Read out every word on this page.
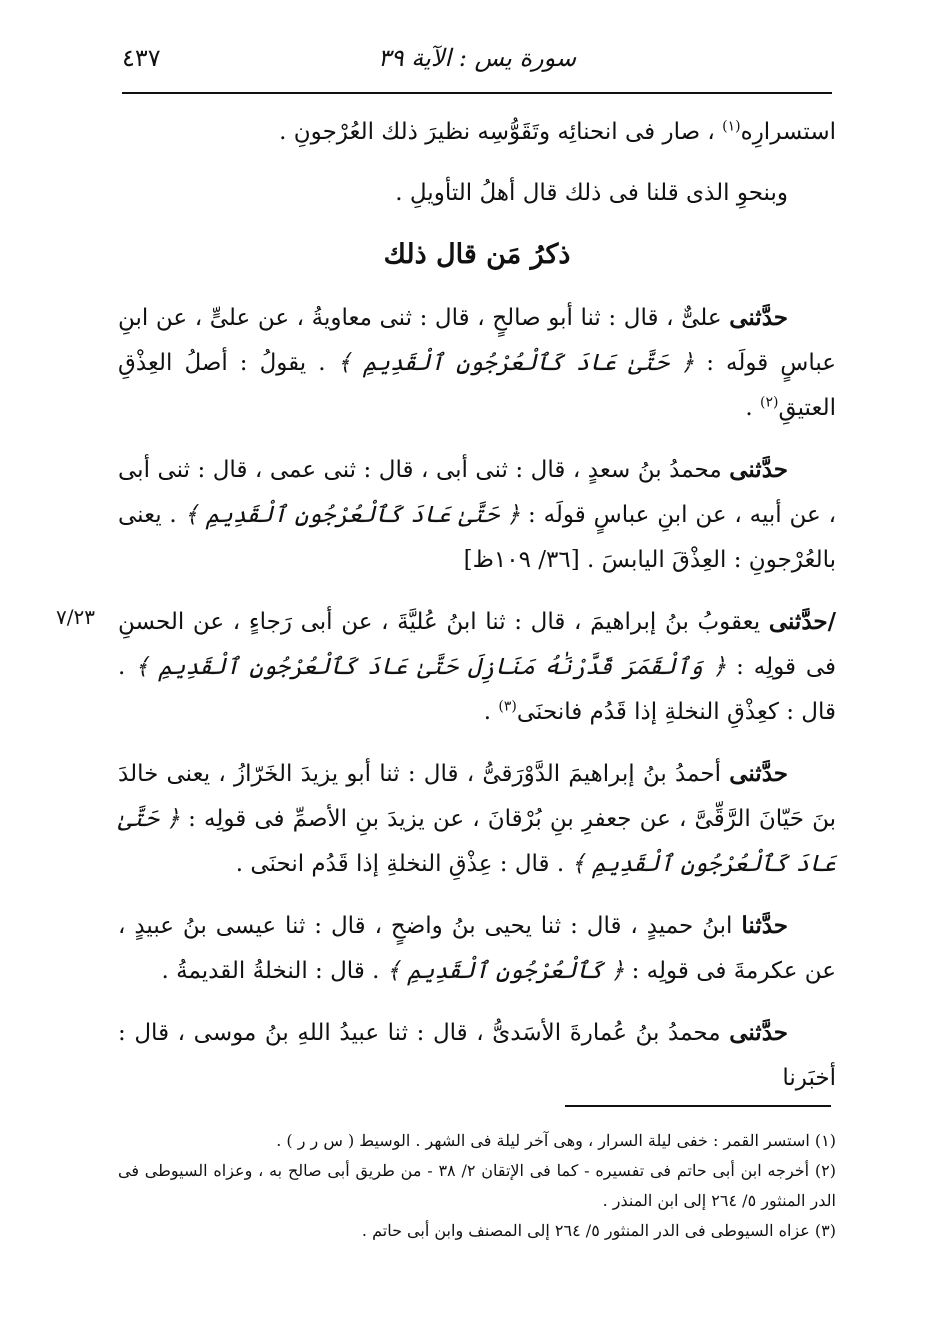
سورة يس : الآية ٣٩
٤٣٧
٧/٢٣

استسرارِه$^{(١)}$ ، صار فى انحنائِه وتَقَوُّسِه نظيرَ ذلك العُرْجونِ .

وبنحوِ الذى قلنا فى ذلك قال أهلُ التأويلِ .

ذكرُ مَن قال ذلك

حدَّثنى علىٌّ ، قال : ثنا أبو صالحٍ ، قال : ثنى معاويةُ ، عن علىٍّ ، عن ابنِ عباسٍ قولَه : ﴿ حَتَّىٰ عَادَ كَٱلْعُرْجُونِ ٱلْقَدِيمِ ﴾ . يقولُ : أصلُ العِذْقِ العتيقِ$^{(٢)}$ .

حدَّثنى محمدُ بنُ سعدٍ ، قال : ثنى أبى ، قال : ثنى عمى ، قال : ثنى أبى ، عن أبيه ، عن ابنِ عباسٍ قولَه : ﴿ حَتَّىٰ عَادَ كَٱلْعُرْجُونِ ٱلْقَدِيمِ ﴾ . يعنى بالعُرْجونِ : العِذْقَ اليابسَ . [٣٦/ ١٠٩ظ]

/حدَّثنى يعقوبُ بنُ إبراهيمَ ، قال : ثنا ابنُ عُليَّةَ ، عن أبى رَجاءٍ ، عن الحسنِ فى قولِه : ﴿ وَٱلْقَمَرَ قَدَّرْنَٰهُ مَنَازِلَ حَتَّىٰ عَادَ كَٱلْعُرْجُونِ ٱلْقَدِيمِ ﴾ . قال : كعِذْقِ النخلةِ إذا قَدُم فانحنَى$^{(٣)}$ .

حدَّثنى أحمدُ بنُ إبراهيمَ الدَّوْرَقىُّ ، قال : ثنا أبو يزيدَ الخَرّازُ ، يعنى خالدَ بنَ حَيّانَ الرَّقِّىَّ ، عن جعفرِ بنِ بُرْقانَ ، عن يزيدَ بنِ الأصمِّ فى قولِه : ﴿ حَتَّىٰ عَادَ كَٱلْعُرْجُونِ ٱلْقَدِيمِ ﴾ . قال : عِذْقِ النخلةِ إذا قَدُم انحنَى .

حدَّثنا ابنُ حميدٍ ، قال : ثنا يحيى بنُ واضحٍ ، قال : ثنا عيسى بنُ عبيدٍ ، عن عكرمةَ فى قولِه : ﴿ كَٱلْعُرْجُونِ ٱلْقَدِيمِ ﴾ . قال : النخلةُ القديمةُ .

حدَّثنى محمدُ بنُ عُمارةَ الأسَدىُّ ، قال : ثنا عبيدُ اللهِ بنُ موسى ، قال : أخبَرنا

(١) استسر القمر : خفى ليلة السرار ، وهى آخر ليلة فى الشهر . الوسيط ( س ر ر ) .

(٢) أخرجه ابن أبى حاتم فى تفسيره - كما فى الإتقان ٢/ ٣٨ - من طريق أبى صالح به ، وعزاه السيوطى فى الدر المنثور ٥/ ٢٦٤ إلى ابن المنذر .

(٣) عزاه السيوطى فى الدر المنثور ٥/ ٢٦٤ إلى المصنف وابن أبى حاتم .
